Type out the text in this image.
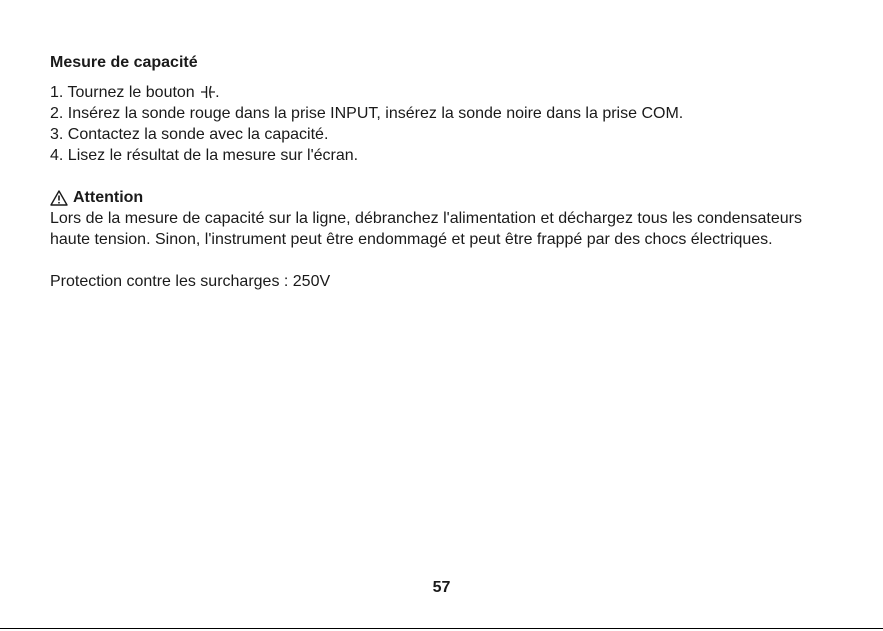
Mesure de capacité
1. Tournez le bouton .
2. Insérez la sonde rouge dans la prise INPUT, insérez la sonde noire dans la prise COM.
3. Contactez la sonde avec la capacité.
4. Lisez le résultat de la mesure sur l'écran.
Attention

Lors de la mesure de capacité sur la ligne, débranchez l'alimentation et déchargez tous les condensateurs haute tension. Sinon, l'instrument peut être endommagé et peut être frappé par des chocs électriques.

Protection contre les surcharges : 250V
57
